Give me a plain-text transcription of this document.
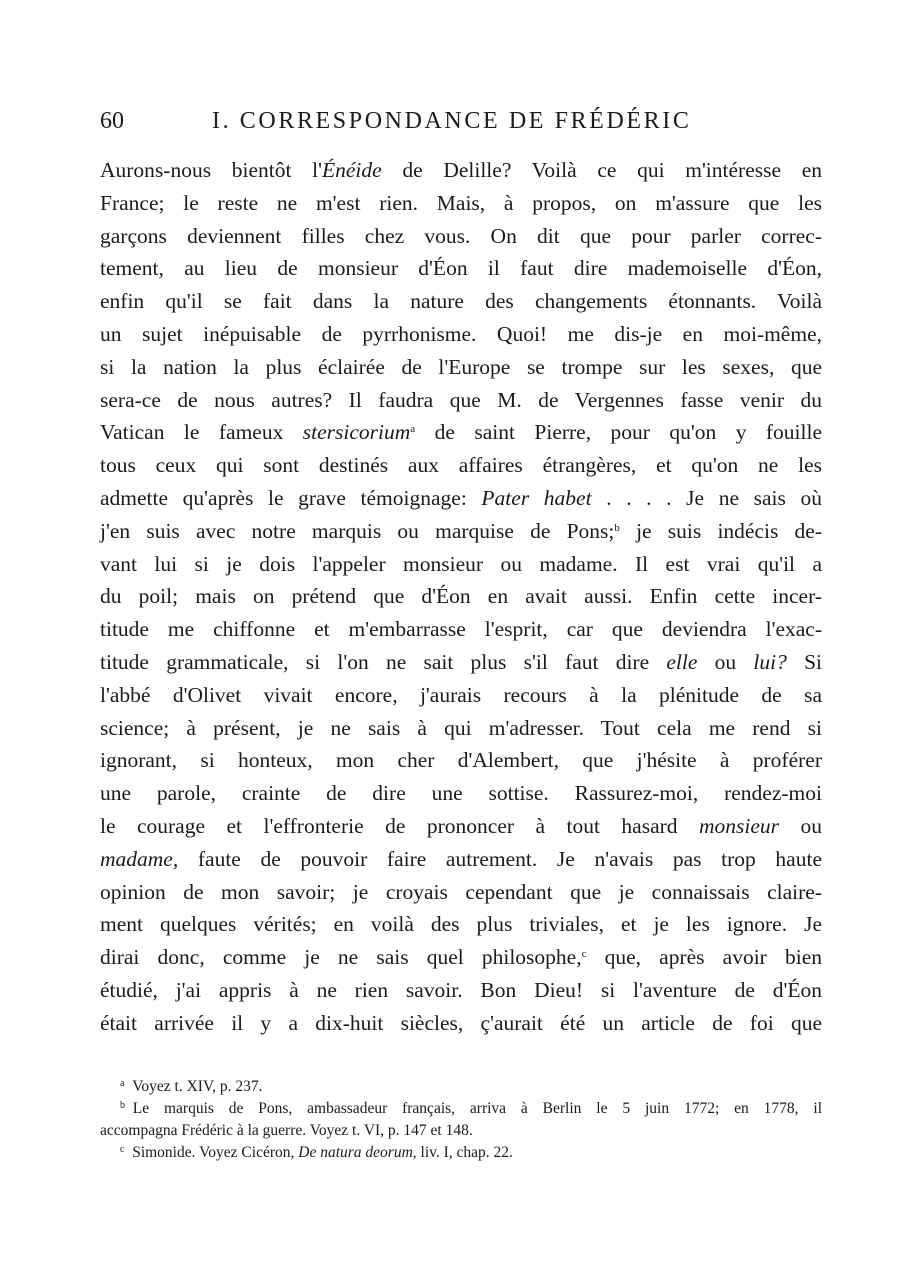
60	I. CORRESPONDANCE DE FRÉDÉRIC
Aurons-nous bientôt l'Énéide de Delille? Voilà ce qui m'intéresse en
France; le reste ne m'est rien. Mais, à propos, on m'assure que les
garçons deviennent filles chez vous. On dit que pour parler correc-
tement, au lieu de monsieur d'Éon il faut dire mademoiselle d'Éon,
enfin qu'il se fait dans la nature des changements étonnants. Voilà
un sujet inépuisable de pyrrhonisme. Quoi! me dis-je en moi-même,
si la nation la plus éclairée de l'Europe se trompe sur les sexes, que
sera-ce de nous autres? Il faudra que M. de Vergennes fasse venir du
Vatican le fameux stersicorium$^a$ de saint Pierre, pour qu'on y fouille
tous ceux qui sont destinés aux affaires étrangères, et qu'on ne les
admette qu'après le grave témoignage: Pater habet . . . . Je ne sais où
j'en suis avec notre marquis ou marquise de Pons;$^b$ je suis indécis de-
vant lui si je dois l'appeler monsieur ou madame. Il est vrai qu'il a
du poil; mais on prétend que d'Éon en avait aussi. Enfin cette incer-
titude me chiffonne et m'embarrasse l'esprit, car que deviendra l'exac-
titude grammaticale, si l'on ne sait plus s'il faut dire elle ou lui? Si
l'abbé d'Olivet vivait encore, j'aurais recours à la plénitude de sa
science; à présent, je ne sais à qui m'adresser. Tout cela me rend si
ignorant, si honteux, mon cher d'Alembert, que j'hésite à proférer
une parole, crainte de dire une sottise. Rassurez-moi, rendez-moi
le courage et l'effronterie de prononcer à tout hasard monsieur ou
madame, faute de pouvoir faire autrement. Je n'avais pas trop haute
opinion de mon savoir; je croyais cependant que je connaissais claire-
ment quelques vérités; en voilà des plus triviales, et je les ignore. Je
dirai donc, comme je ne sais quel philosophe,$^c$ que, après avoir bien
étudié, j'ai appris à ne rien savoir. Bon Dieu! si l'aventure de d'Éon
était arrivée il y a dix-huit siècles, ç'aurait été un article de foi que
$^a$  Voyez t. XIV, p. 237.
$^b$  Le marquis de Pons, ambassadeur français, arriva à Berlin le 5 juin 1772; en 1778, il
accompagna Frédéric à la guerre. Voyez t. VI, p. 147 et 148.
$^c$  Simonide. Voyez Cicéron, De natura deorum, liv. I, chap. 22.
